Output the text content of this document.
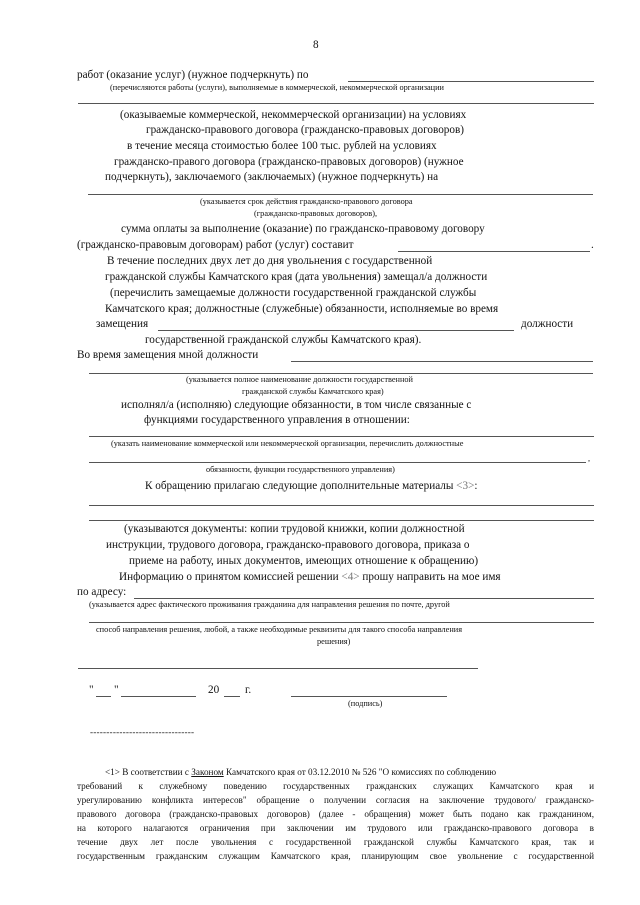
8
работ (оказание услуг) (нужное подчеркнуть) по
(перечисляются работы (услуги), выполняемые в коммерческой, некоммерческой организации
(оказываемые коммерческой, некоммерческой организации) на условиях
гражданско-правового договора (гражданско-правовых договоров)
в течение месяца стоимостью более 100 тыс. рублей на условиях
гражданско-правого договора (гражданско-правовых договоров) (нужное
подчеркнуть), заключаемого (заключаемых) (нужное подчеркнуть) на
(указывается срок действия гражданско-правового договора
(гражданско-правовых договоров),
сумма оплаты за выполнение (оказание) по гражданско-правовому договору
(гражданско-правовым договорам) работ (услуг) составит	.
В течение последних двух лет до дня увольнения с государственной
гражданской службы Камчатского края (дата увольнения) замещал/а должности
(перечислить замещаемые должности государственной гражданской службы
Камчатского края; должностные (служебные) обязанности, исполняемые во время
замещения	должности
государственной гражданской службы Камчатского края).
Во время замещения мной должности
(указывается полное наименование должности государственной
гражданской службы Камчатского края)
исполнял/а (исполняю) следующие обязанности, в том числе связанные с
функциями государственного управления в отношении:
(указать наименование коммерческой или некоммерческой организации, перечислить должностные
,
обязанности, функции государственного управления)
К обращению прилагаю следующие дополнительные материалы <3>:
(указываются документы: копии трудовой книжки, копии должностной
инструкции, трудового договора, гражданско-правового договора, приказа о
приеме на работу, иных документов, имеющих отношение к обращению)
Информацию о принятом комиссией решении <4> прошу направить на мое имя
по адресу:
(указывается адрес фактического проживания гражданина для направления решения по почте, другой
способ направления решения, любой, а также необходимые реквизиты для такого способа направления
решения)
" "	20 г.
(подпись)
--------------------------------
<1> В соответствии с Законом Камчатского края от 03.12.2010 № 526 "О комиссиях по соблюдению
требований к служебному поведению государственных гражданских служащих Камчатского края и
урегулированию конфликта интересов" обращение о получении согласия на заключение трудового/ гражданско-
правового договора (гражданско-правовых договоров) (далее - обращения) может быть подано как гражданином,
на которого налагаются ограничения при заключении им трудового или гражданско-правового договора в
течение двух лет после увольнения с государственной гражданской службы Камчатского края, так и
государственным гражданским служащим Камчатского края, планирующим свое увольнение с государственной
